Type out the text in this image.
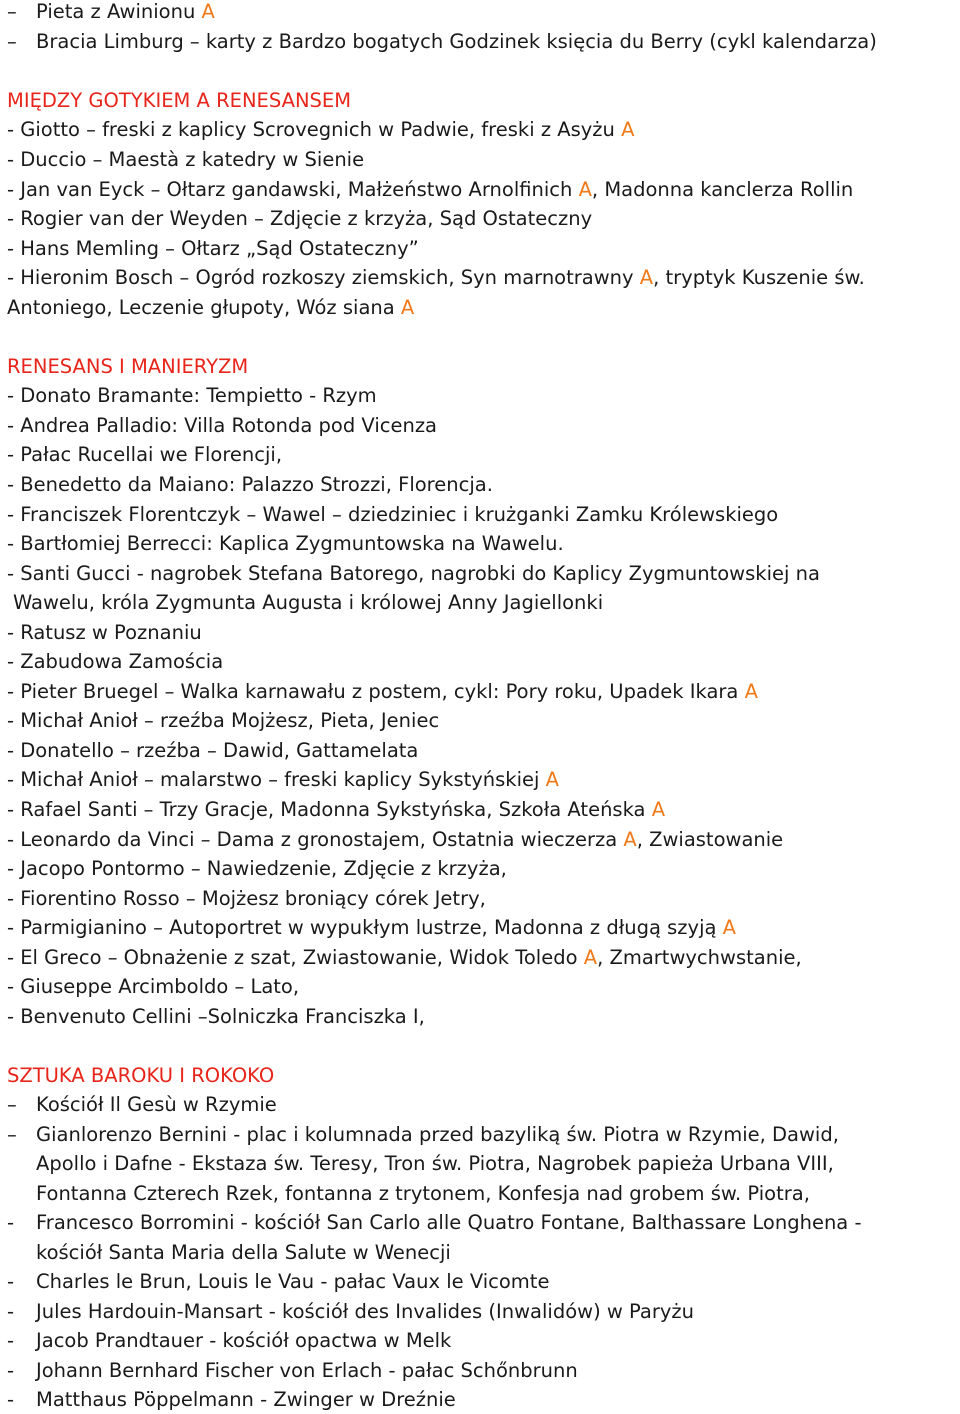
– Pieta z Awinionu A
– Bracia Limburg – karty z Bardzo bogatych Godzinek księcia du Berry (cykl kalendarza)
MIĘDZY GOTYKIEM A RENESANSEM
- Giotto – freski z kaplicy Scrovegnich w Padwie, freski z Asyżu A
- Duccio – Maestà z katedry w Sienie
- Jan van Eyck – Ołtarz gandawski, Małżeństwo Arnolfinich A, Madonna kanclerza Rollin
- Rogier van der Weyden – Zdjęcie z krzyża, Sąd Ostateczny
- Hans Memling – Ołtarz „Sąd Ostateczny”
- Hieronim Bosch – Ogród rozkoszy ziemskich, Syn marnotrawny A, tryptyk Kuszenie św.
Antoniego, Leczenie głupoty, Wóz siana A
RENESANS I MANIERYZM
- Donato Bramante: Tempietto - Rzym
- Andrea Palladio: Villa Rotonda pod Vicenza
- Pałac Rucellai we Florencji,
- Benedetto da Maiano: Palazzo Strozzi, Florencja.
- Franciszek Florentczyk – Wawel – dziedziniec i krużganki Zamku Królewskiego
- Bartłomiej Berrecci: Kaplica Zygmuntowska na Wawelu.
- Santi Gucci - nagrobek Stefana Batorego, nagrobki do Kaplicy Zygmuntowskiej na
Wawelu, króla Zygmunta Augusta i królowej Anny Jagiellonki
- Ratusz w Poznaniu
- Zabudowa Zamościa
- Pieter Bruegel – Walka karnawału z postem, cykl: Pory roku, Upadek Ikara A
- Michał Anioł – rzeźba Mojżesz, Pieta, Jeniec
- Donatello – rzeźba – Dawid, Gattamelata
- Michał Anioł – malarstwo – freski kaplicy Sykstyńskiej A
- Rafael Santi – Trzy Gracje, Madonna Sykstyńska, Szkoła Ateńska A
- Leonardo da Vinci – Dama z gronostajem, Ostatnia wieczerza A, Zwiastowanie
- Jacopo Pontormo – Nawiedzenie, Zdjęcie z krzyża,
- Fiorentino Rosso – Mojżesz broniący córek Jetry,
- Parmigianino – Autoportret w wypukłym lustrze, Madonna z długą szyją A
- El Greco – Obnażenie z szat, Zwiastowanie, Widok Toledo A, Zmartwychwstanie,
- Giuseppe Arcimboldo – Lato,
- Benvenuto Cellini –Solniczka Franciszka I,
SZTUKA BAROKU I ROKOKO
– Kościół Il Gesù w Rzymie
– Gianlorenzo Bernini - plac i kolumnada przed bazyliką św. Piotra w Rzymie, Dawid,
Apollo i Dafne - Ekstaza św. Teresy, Tron św. Piotra, Nagrobek papieża Urbana VIII,
Fontanna Czterech Rzek, fontanna z trytonem, Konfesja nad grobem św. Piotra,
- Francesco Borromini - kościół San Carlo alle Quatro Fontane, Balthassare Longhena -
kościół Santa Maria della Salute w Wenecji
- Charles le Brun, Louis le Vau - pałac Vaux le Vicomte
- Jules Hardouin-Mansart - kościół des Invalides (Inwalidów) w Paryżu
- Jacob Prandtauer - kościół opactwa w Melk
- Johann Bernhard Fischer von Erlach - pałac Schőnbrunn
- Matthaus Pöppelmann - Zwinger w Dreźnie
